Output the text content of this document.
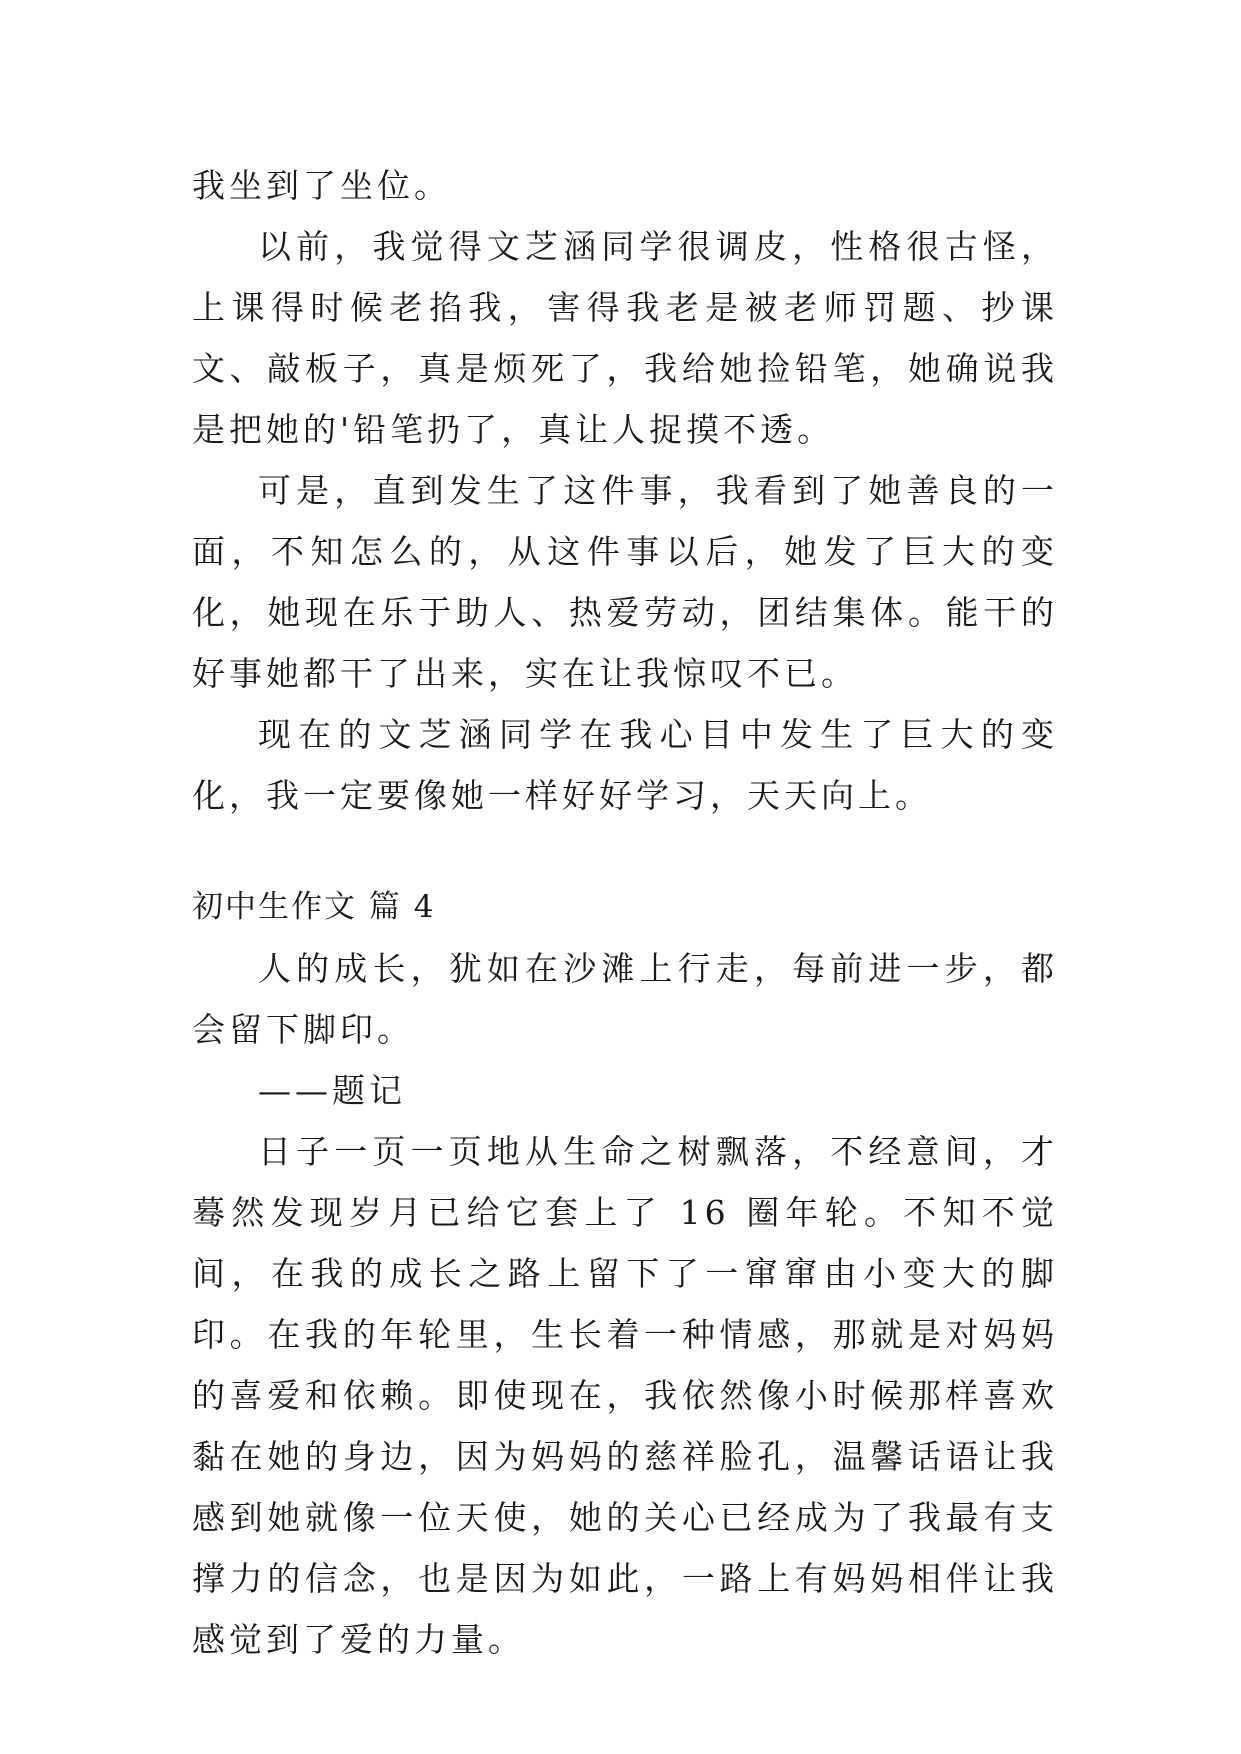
我坐到了坐位。

以前，我觉得文芝涵同学很调皮，性格很古怪，上课得时候老掐我，害得我老是被老师罚题、抄课文、敲板子，真是烦死了，我给她捡铅笔，她确说我是把她的'铅笔扔了，真让人捉摸不透。

可是，直到发生了这件事，我看到了她善良的一面，不知怎么的，从这件事以后，她发了巨大的变化，她现在乐于助人、热爱劳动，团结集体。能干的好事她都干了出来，实在让我惊叹不已。

现在的文芝涵同学在我心目中发生了巨大的变化，我一定要像她一样好好学习，天天向上。

初中生作文 篇 4

人的成长，犹如在沙滩上行走，每前进一步，都会留下脚印。

——题记

日子一页一页地从生命之树飘落，不经意间，才蓦然发现岁月已给它套上了 16 圈年轮。不知不觉间，在我的成长之路上留下了一窜窜由小变大的脚印。在我的年轮里，生长着一种情感，那就是对妈妈的喜爱和依赖。即使现在，我依然像小时候那样喜欢黏在她的身边，因为妈妈的慈祥脸孔，温馨话语让我感到她就像一位天使，她的关心已经成为了我最有支撑力的信念，也是因为如此，一路上有妈妈相伴让我感觉到了爱的力量。
